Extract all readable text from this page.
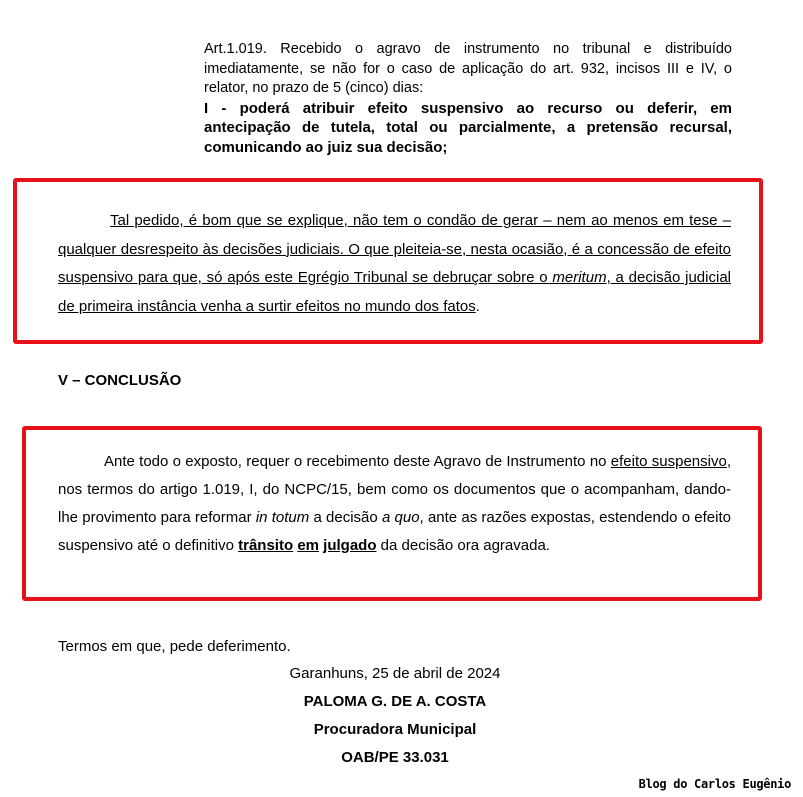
Art.1.019. Recebido o agravo de instrumento no tribunal e distribuído imediatamente, se não for o caso de aplicação do art. 932, incisos III e IV, o relator, no prazo de 5 (cinco) dias:
I - poderá atribuir efeito suspensivo ao recurso ou deferir, em antecipação de tutela, total ou parcialmente, a pretensão recursal, comunicando ao juiz sua decisão;
Tal pedido, é bom que se explique, não tem o condão de gerar – nem ao menos em tese – qualquer desrespeito às decisões judiciais. O que pleiteia-se, nesta ocasião, é a concessão de efeito suspensivo para que, só após este Egrégio Tribunal se debruçar sobre o meritum, a decisão judicial de primeira instância venha a surtir efeitos no mundo dos fatos.
V – CONCLUSÃO
Ante todo o exposto, requer o recebimento deste Agravo de Instrumento no efeito suspensivo, nos termos do artigo 1.019, I, do NCPC/15, bem como os documentos que o acompanham, dando-lhe provimento para reformar in totum a decisão a quo, ante as razões expostas, estendendo o efeito suspensivo até o definitivo trânsito em julgado da decisão ora agravada.
Termos em que, pede deferimento.
Garanhuns, 25 de abril de 2024
PALOMA G. DE A. COSTA
Procuradora Municipal
OAB/PE 33.031
Blog do Carlos Eugênio
